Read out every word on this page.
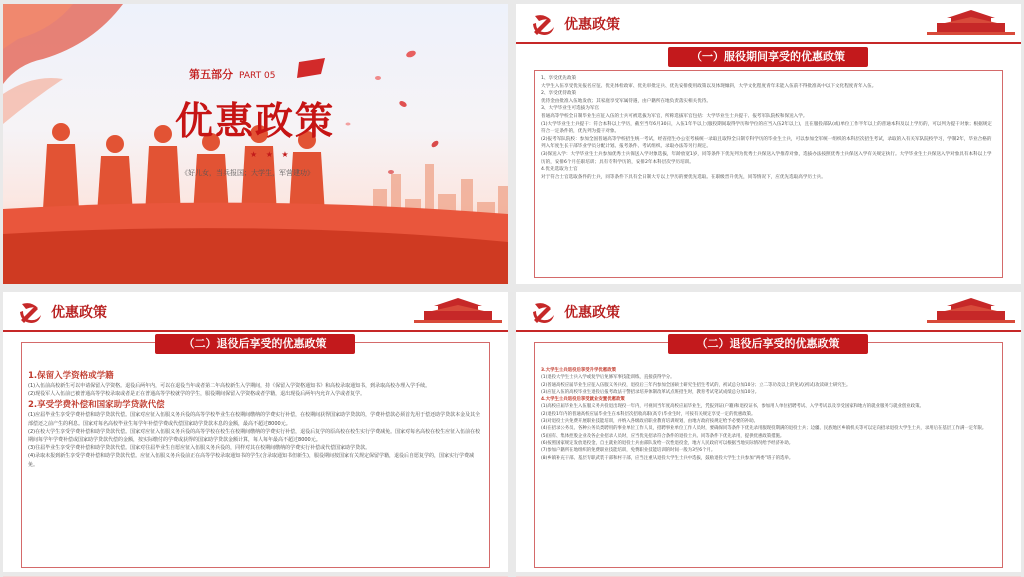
第五部分 PART 05
优惠政策
★ ★ ★
《好儿女，当兵报国；大学生，军营建功》
优惠政策
（一）服役期间享受的优惠政策

1、享受优先政策

大学生入伍享受优先报名应征、优先体检政审、优先审批定兵、优先安排使用政策以及体现倾斜，大学文化程度青年未能入伍前不得批准高中以下文化程度青年入伍。

2、享受优待政策

优待金由批准入伍地发放；其家庭享受军属待遇，由户籍所在地负责落实相关优待。

3、大学毕业生可选拔为军官

普通高等学校全日制毕业生应征入伍的士兵可被选拔为军官，所称选拔军官包括：大学毕业生士兵提干、报考军队院校和保送入学。

(1)大学毕业生士兵提干：符合本科以上学历，截至当年6月30日，入伍1年半以上(服役期间取得学历和学位的应当入伍2年以上)，且在服役部队(或)单位工作半年以上的普通本科及以上学历的，可以列为提干对象；根据规定符合一定条件的，优先列为提干对象。

(2)报考军队院校：参加全国普通高等学校招生统一考试，经省招生办公室考核统一录取且取得全日制专科学历的毕业生士兵，可以参加全军统一组织的本科层次招生考试，录取的入有关军队院校学习，学制2年，毕业合格的列入年度生长干部毕业学员分配计划。报考条件、考试组织、录取办法等另行规定。

(3)保送入学：大学毕业生士兵参加优秀士兵保送入学对象选拔，年龄放宽1岁，同等条件下优先列为优秀士兵保送入学推荐对象，选拔办法按照优秀士兵保送入学有关规定执行。大学毕业生士兵保送入学对象具有本科以上学历的，安排6个月任职培训；具有专科学历的，安排2年本科层次学历培训。

4.优先选取为士官

对于符合士官选取条件的士兵，同等条件下具有全日制大专以上学历的要优先选取。在职级晋升优先，同等情况下，应优先选取高学历士兵。

优惠政策

1.保留入学资格或学籍

(1)入伍前高校新生可以申请保留入学资格。退役后两年内，可以在退役当年或者第二年高校新生入学期间，持《保留入学资格通知书》和高校录取通知书，到录取高校办理入学手续。

(2)现役军人入伍前已被普通高等学校录取或者是正在普通高等学校就学的学生，服役期间保留入学资格或者学籍，退出现役后两年内允许入学或者复学。

2.享受学费补偿和国家助学贷款代偿

(1)应届毕业生享受学费补偿和助学贷款代偿。国家对应征入伍服义务兵役的高等学校毕业生在校期间缴纳的学费实行补偿，在校期间获得国家助学贷款的，学费补偿款必须首先用于偿还助学贷款本金及其全部偿还之前产生的利息。国家对每名高校毕业生每学年补偿学费或代偿国家助学贷款本息的金额，最高不超过8000元。

(2)在校大学生享受学费补偿和助学贷款代偿。国家对应征入伍服义务兵役的高等学校在校生在校期间缴纳的学费实行补偿，退役后复学的原高校在校生实行学费减免。国家对每名高校在校生应征入伍前在校期间每学年学费补偿或国家助学贷款代偿的金额，按实际缴付的学费或获得的国家助学贷款金额计算，每人每年最高不超过8000元。

(3)往届毕业生享受学费补偿和助学贷款代偿。国家对往届毕业生自愿应征入伍服义务兵役的，同样对其在校期间缴纳的学费实行补偿或代偿国家助学贷款。

(4)录取未报到新生享受学费补偿和助学贷款代偿。应征入伍服义务兵役前正在高等学校录取通知书的学生(含录取通知书但新生)，服役期间按国家有关规定保留学籍，退役后自愿复学的，国家实行学费减免。

（二）退役后享受的优惠政策
优惠政策

3.大学生士兵退役后享受升学优惠政策

(1)退役大学生士兵入学或复学后免修军事技能训练，直接获得学分。

(2)普通高校应届毕业生应征入伍服义务兵役，退役后三年内参加全国硕士研究生招生考试的，初试总分加10分；立二等功及以上的免试(初试)攻读硕士研究生。

(3)应征入伍的高校毕业生退役后报考政法干警招录培养体制改革试点班招生时，教育考试笔试成绩总分加10分。

4.大学生士兵退役后享受就业安置优惠政策

(1)高校应届毕业生入伍服义务兵役退出现役一年内，可视同当年度高校应届毕业生，凭报到证(户籍)和退役证书，参加用人单位招聘考试、入学考试以及享受国家和地方的就业服务与就业创业政策。

(2)退役1年内的普通高校应届毕业生在本科层次招收高职(高专)毕业生时，可按有关规定享受一定的优惠政策。

(3)对退役士兵免费开展职业技能培训，并纳入各级政府职业教育培训规划，由地方政府按规定给予必要的补助。

(4)在招录公务员、各种公务员类聘用的事业单位工作人员，招聘事业单位工作人员时，要确保同等条件下优先录用服现役期满的退役士兵；边疆、民族地区乡镇机关等可以定向招录退役大学生士兵，录用后在基层工作满一定年限。

(5)国有、集体控股企业及各企业招录人员时，应当优先招录符合条件的退役士兵。同等条件下优先录用，提供优惠政策措施。

(6)按照国家规定发放退役金，自主就业的退役士兵由部队发给一次性退役金，地方人民政府可以根据当地实际情况给予经济补助。

(7)参加户籍所在地组织的免费职业技能培训，免费职业技能培训的时间一般为3至6个月。

(8)乡镇补充干部、基层专职武装干部和村干部，应当注重从退役大学生士兵中选拔，鼓励退役大学生士兵参加“两委”班子的选举。

（二）退役后享受的优惠政策
